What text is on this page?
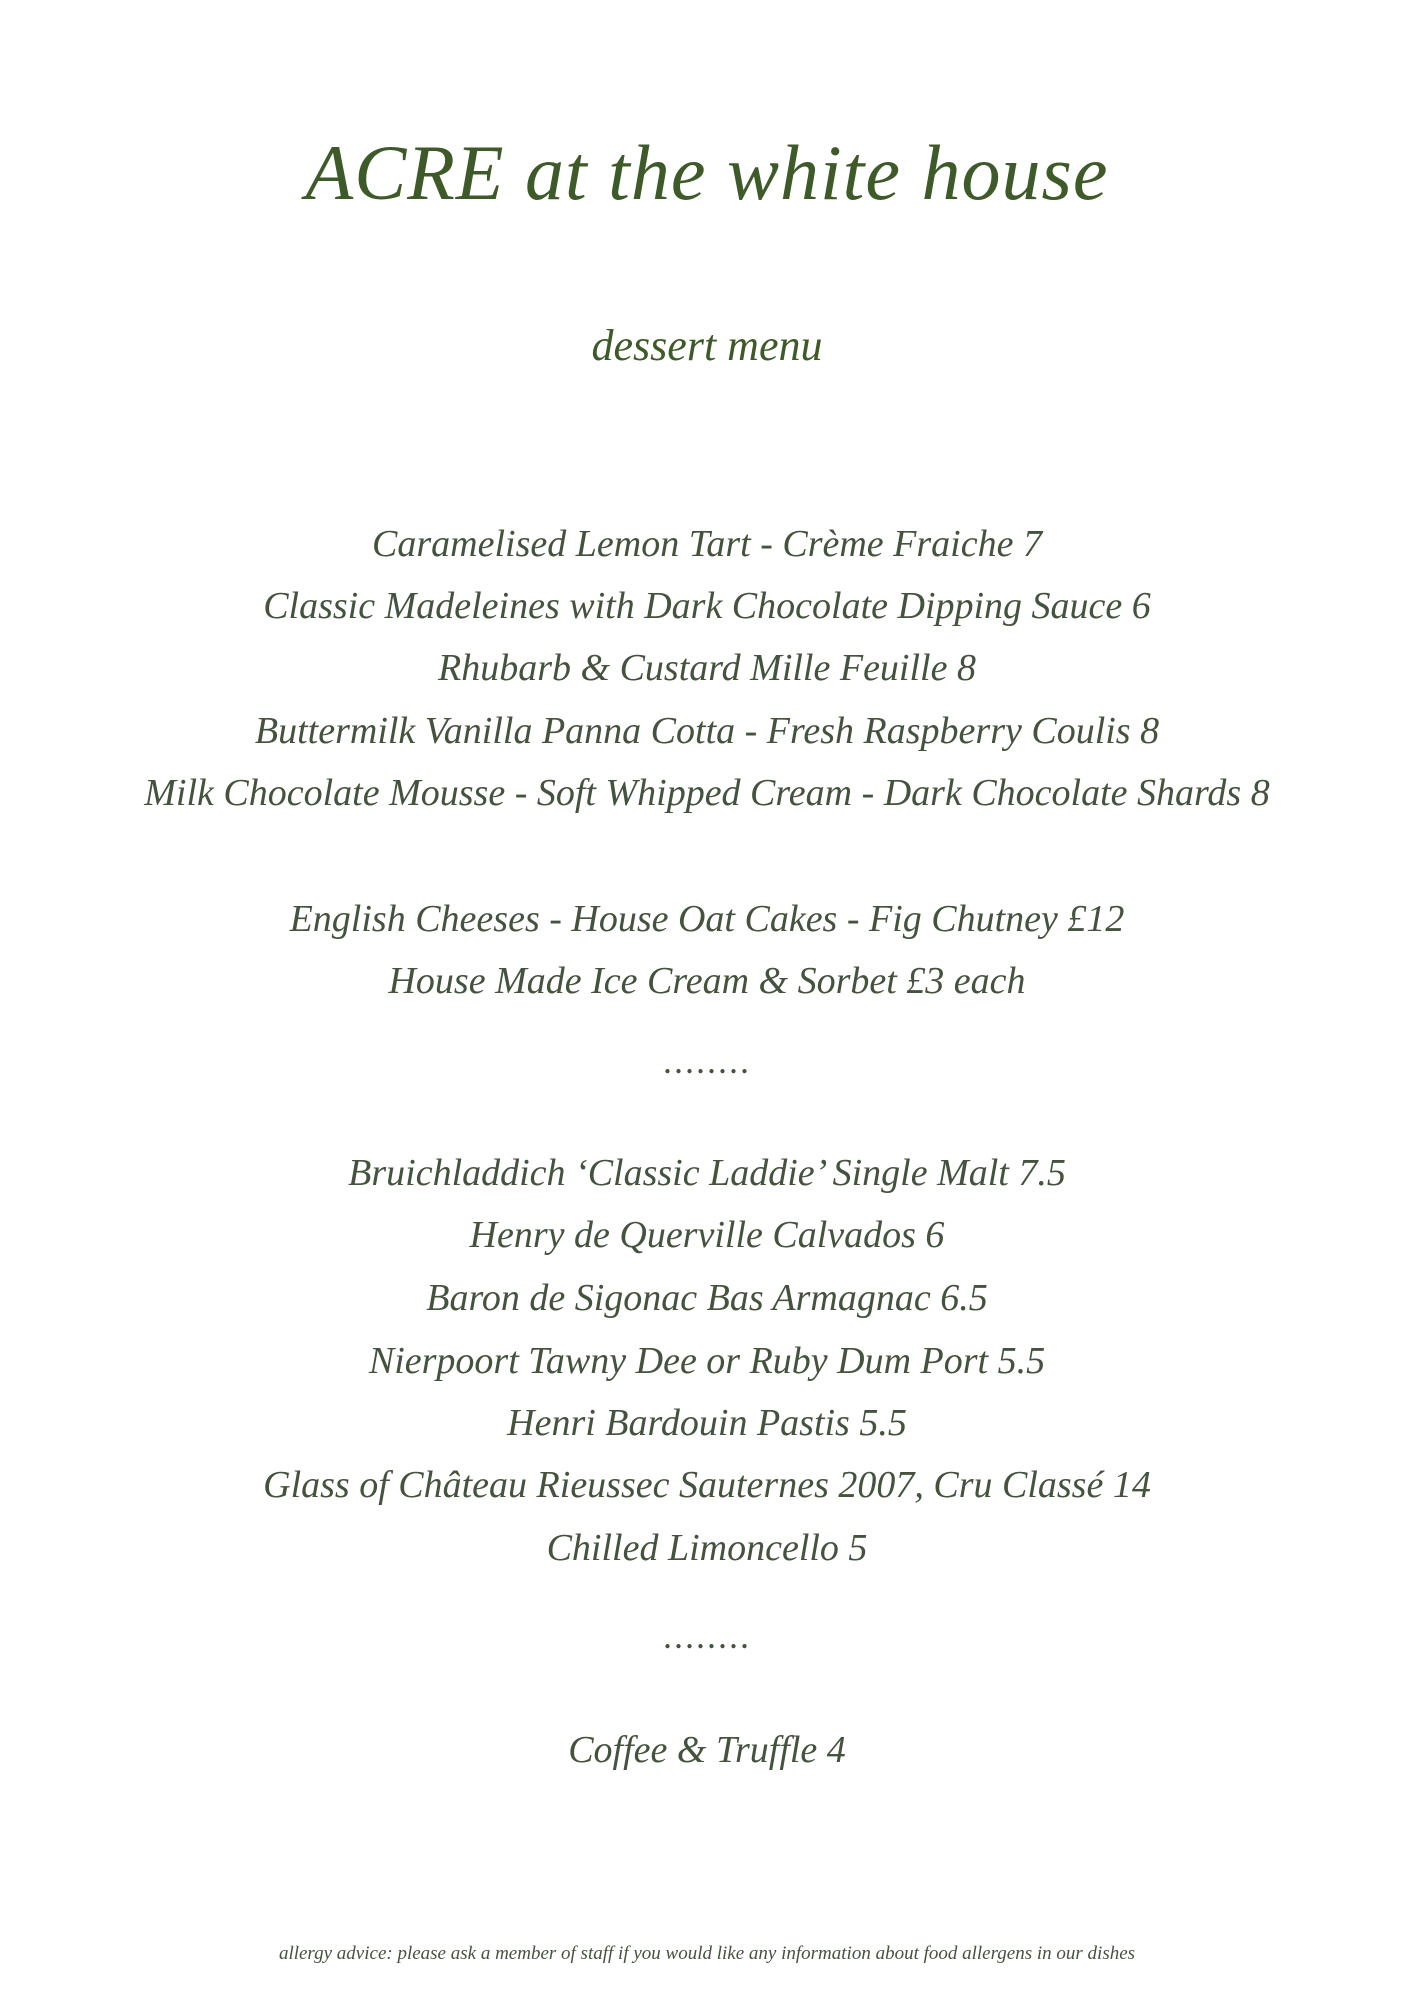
ACRE at the white house
dessert menu
Caramelised Lemon Tart - Crème Fraiche 7
Classic Madeleines with Dark Chocolate Dipping Sauce 6
Rhubarb & Custard Mille Feuille 8
Buttermilk Vanilla Panna Cotta - Fresh Raspberry Coulis 8
Milk Chocolate Mousse - Soft Whipped Cream - Dark Chocolate Shards 8
English Cheeses - House Oat Cakes - Fig Chutney £12
House Made Ice Cream & Sorbet £3 each
........
Bruichladdich ‘Classic Laddie’ Single Malt 7.5
Henry de Querville Calvados 6
Baron de Sigonac Bas Armagnac 6.5
Nierpoort Tawny Dee or Ruby Dum Port 5.5
Henri Bardouin Pastis 5.5
Glass of Château Rieussec Sauternes 2007, Cru Classé 14
Chilled Limoncello 5
........
Coffee & Truffle 4
allergy advice: please ask a member of staff if you would like any information about food allergens in our dishes
